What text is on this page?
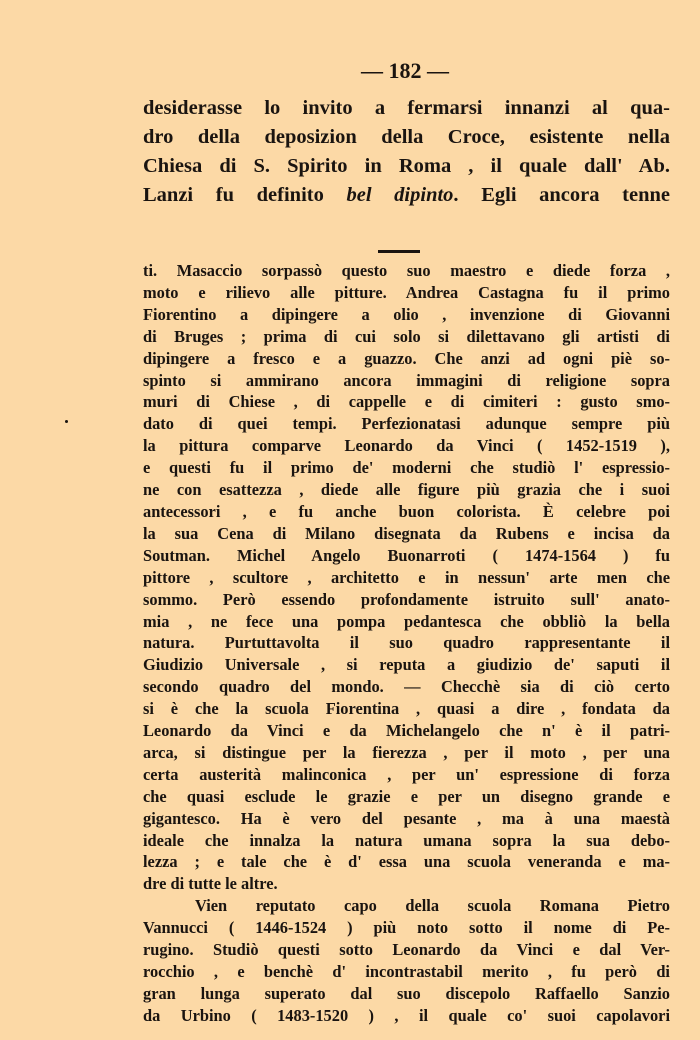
— 182 —
desiderasse lo invito a fermarsi innanzi al qua-
dro della deposizion della Croce, esistente nella
Chiesa di S. Spirito in Roma , il quale dall' Ab.
Lanzi fu definito bel dipinto. Egli ancora tenne
ti. Masaccio sorpassò questo suo maestro e diede forza ,
moto e rilievo alle pitture. Andrea Castagna fu il primo
Fiorentino a dipingere a olio , invenzione di Giovanni
di Bruges ; prima di cui solo si dilettavano gli artisti di
dipingere a fresco e a guazzo. Che anzi ad ogni piè so-
spinto si ammirano ancora immagini di religione sopra
muri di Chiese , di cappelle e di cimiteri : gusto smo-
dato di quei tempi. Perfezionatasi adunque sempre più
la pittura comparve Leonardo da Vinci ( 1452-1519 ),
e questi fu il primo de' moderni che studiò l' espressio-
ne con esattezza , diede alle figure più grazia che i suoi
antecessori , e fu anche buon colorista. È celebre poi
la sua Cena di Milano disegnata da Rubens e incisa da
Soutman. Michel Angelo Buonarroti ( 1474-1564 ) fu
pittore , scultore , architetto e in nessun' arte men che
sommo. Però essendo profondamente istruito sull' anato-
mia , ne fece una pompa pedantesca che obbliò la bella
natura. Purtuttavolta il suo quadro rappresentante il
Giudizio Universale , si reputa a giudizio de' saputi il
secondo quadro del mondo. — Checchè sia di ciò certo
si è che la scuola Fiorentina , quasi a dire , fondata da
Leonardo da Vinci e da Michelangelo che n' è il patri-
arca, si distingue per la fierezza , per il moto , per una
certa austerità malinconica , per un' espressione di forza
che quasi esclude le grazie e per un disegno grande e
gigantesco. Ha è vero del pesante , ma à una maestà
ideale che innalza la natura umana sopra la sua debo-
lezza ; e tale che è d' essa una scuola veneranda e ma-
dre di tutte le altre.
Vien reputato capo della scuola Romana Pietro
Vannucci ( 1446-1524 ) più noto sotto il nome di Pe-
rugino. Studiò questi sotto Leonardo da Vinci e dal Ver-
rocchio , e benchè d' incontrastabil merito , fu però di
gran lunga superato dal suo discepolo Raffaello Sanzio
da Urbino ( 1483-1520 ) , il quale co' suoi capolavori
